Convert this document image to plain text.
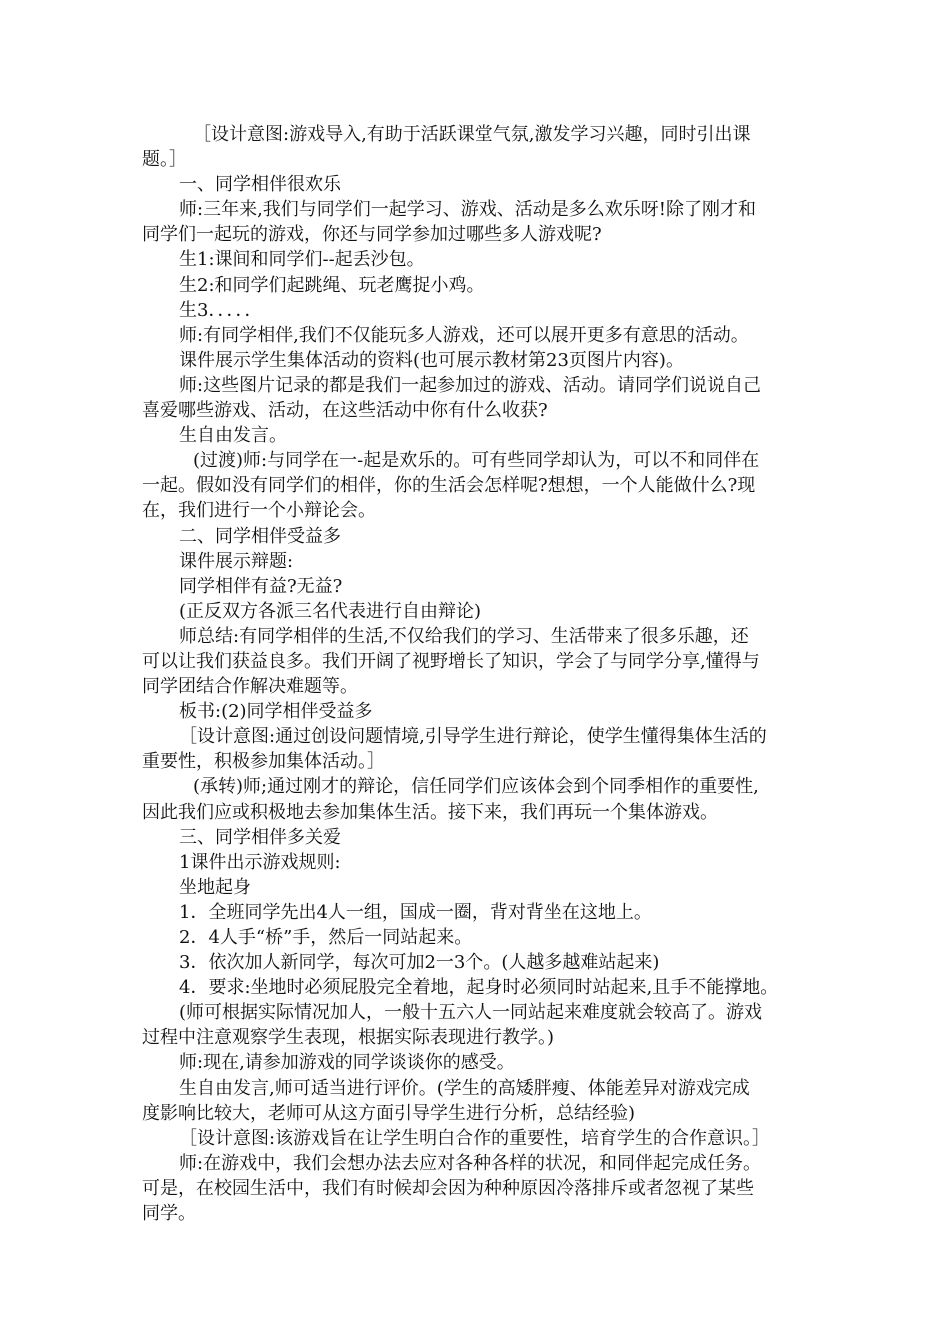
［设计意图:游戏导入,有助于活跃课堂气氛,激发学习兴趣，同时引出课
题。］
一、同学相伴很欢乐
师:三年来,我们与同学们一起学习、游戏、活动是多么欢乐呀!除了刚才和
同学们一起玩的游戏，你还与同学参加过哪些多人游戏呢?
生1:课间和同学们--起丢沙包。
生2:和同学们起跳绳、玩老鹰捉小鸡。
生3．．．．．
师:有同学相伴,我们不仅能玩多人游戏，还可以展开更多有意思的活动。
课件展示学生集体活动的资料(也可展示教材第23页图片内容)。
师:这些图片记录的都是我们一起参加过的游戏、活动。请同学们说说自己
喜爱哪些游戏、活动，在这些活动中你有什么收获?
生自由发言。
(过渡)师:与同学在一-起是欢乐的。可有些同学却认为，可以不和同伴在
一起。假如没有同学们的相伴，你的生活会怎样呢?想想，一个人能做什么?现
在，我们进行一个小辩论会。
二、同学相伴受益多
课件展示辩题:
同学相伴有益?无益?
(正反双方各派三名代表进行自由辩论)
师总结:有同学相伴的生活,不仅给我们的学习、生活带来了很多乐趣，还
可以让我们获益良多。我们开阔了视野增长了知识，学会了与同学分享,懂得与
同学团结合作解决难题等。
板书:(2)同学相伴受益多
［设计意图:通过创设问题情境,引导学生进行辩论，使学生懂得集体生活的
重要性，积极参加集体活动。］
(承转)师;通过刚才的辩论，信任同学们应该体会到个同季相作的重要性,
因此我们应或积极地去参加集体生活。接下来，我们再玩一个集体游戏。
三、同学相伴多关爱
1课件出示游戏规则:
坐地起身
1．全班同学先出4人一组，国成一圈，背对背坐在这地上。
2．4人手“桥”手，然后一同站起来。
3．依次加人新同学，每次可加2一3个。(人越多越难站起来)
4．要求:坐地时必须屁股完全着地，起身时必须同时站起来,且手不能撑地。
(师可根据实际情况加人，一般十五六人一同站起来难度就会较高了。游戏
过程中注意观察学生表现，根据实际表现进行教学。)
师:现在,请参加游戏的同学谈谈你的感受。
生自由发言,师可适当进行评价。(学生的高矮胖瘦、体能差异对游戏完成
度影响比较大，老师可从这方面引导学生进行分析，总结经验)
［设计意图:该游戏旨在让学生明白合作的重要性，培育学生的合作意识。］
师:在游戏中，我们会想办法去应对各种各样的状况，和同伴起完成任务。
可是，在校园生活中，我们有时候却会因为种种原因冷落排斥或者忽视了某些
同学。
